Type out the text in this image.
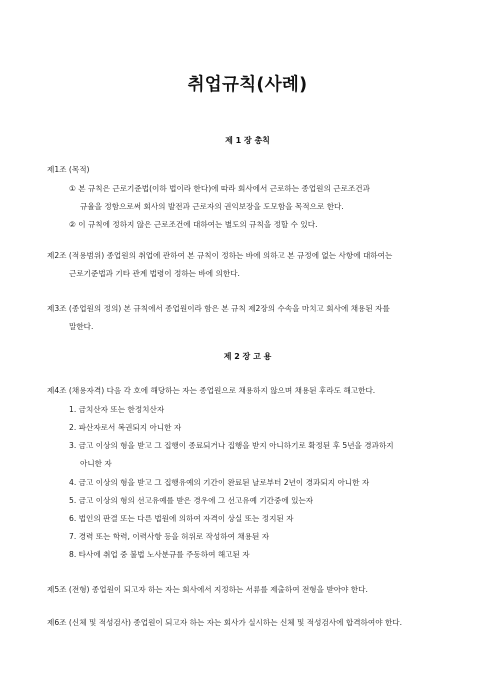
취업규칙(사례)
제 1 장 총칙
제1조 (목적)
① 본 규칙은 근로기준법(이하 법이라 한다)에 따라 회사에서 근로하는 종업원의 근로조건과
규율을 정함으로써 회사의 발전과 근로자의 권익보장을 도모함을 목적으로 한다.
② 이 규칙에 정하지 않은 근로조건에 대하여는 별도의 규칙을 정할 수 있다.
제2조 (적용범위) 종업원의 취업에 관하여 본 규칙이 정하는 바에 의하고 본 규정에 없는 사항에 대하여는
근로기준법과 기타 관계 법령이 정하는 바에 의한다.
제3조 (종업원의 정의) 본 규칙에서 종업원이라 함은 본 규칙 제2장의 수속을 마치고 회사에 채용된 자를
말한다.
제 2 장 고 용
제4조 (채용자격) 다음 각 호에 해당하는 자는 종업원으로 채용하지 않으며 채용된 후라도 해고한다.
1. 금치산자 또는 한정치산자
2. 파산자로서 복권되지 아니한 자
3. 금고 이상의 형을 받고 그 집행이 종료되거나 집행을 받지 아니하기로 확정된 후 5년을 경과하지
아니한 자
4. 금고 이상의 형을 받고 그 집행유예의 기간이 완료된 날로부터 2년이 경과되지 아니한 자
5. 금고 이상의 형의 선고유예를 받은 경우에 그 선고유예 기간중에 있는자
6. 법인의 판결 또는 다른 법원에 의하여 자격이 상실 또는 정지된 자
7. 경력 또는 학력, 이력사항 등을 허위로 작성하여 채용된 자
8. 타사에 취업 중 불법 노사분규를 주동하여 해고된 자
제5조 (전형) 종업원이 되고자 하는 자는 회사에서 지정하는 서류를 제출하여 전형을 받아야 한다.
제6조 (신체 및 적성검사) 종업원이 되고자 하는 자는 회사가 실시하는 신체 및 적성검사에 합격하여야 한다.
